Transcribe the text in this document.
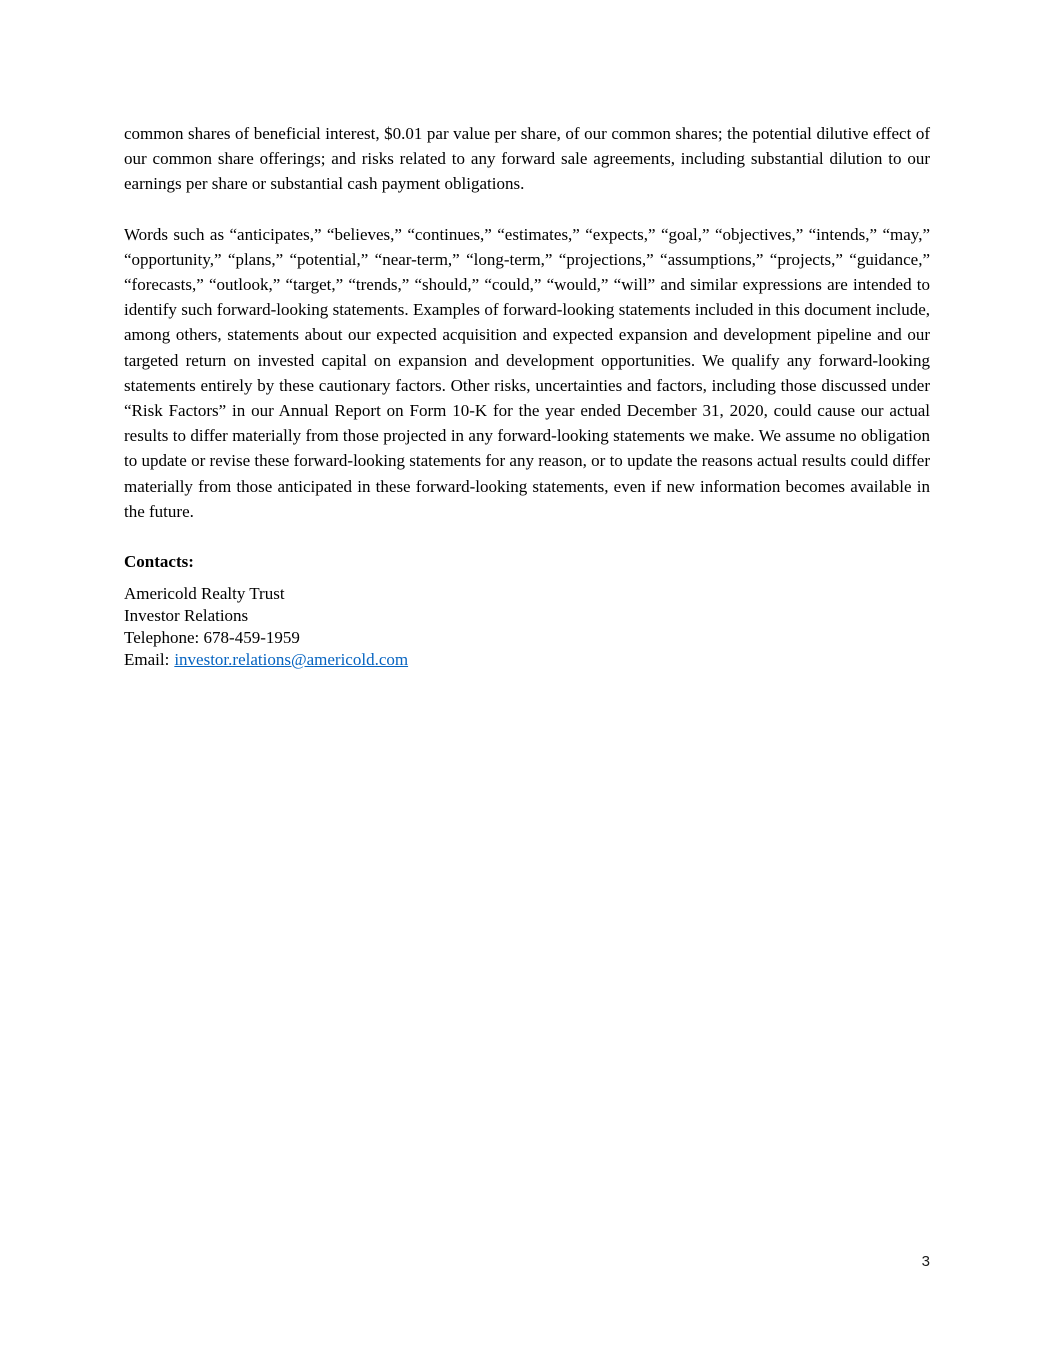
common shares of beneficial interest, $0.01 par value per share, of our common shares; the potential dilutive effect of our common share offerings; and risks related to any forward sale agreements, including substantial dilution to our earnings per share or substantial cash payment obligations.

Words such as “anticipates,” “believes,” “continues,” “estimates,” “expects,” “goal,” “objectives,” “intends,” “may,” “opportunity,” “plans,” “potential,” “near-term,” “long-term,” “projections,” “assumptions,” “projects,” “guidance,” “forecasts,” “outlook,” “target,” “trends,” “should,” “could,” “would,” “will” and similar expressions are intended to identify such forward-looking statements. Examples of forward-looking statements included in this document include, among others, statements about our expected acquisition and expected expansion and development pipeline and our targeted return on invested capital on expansion and development opportunities. We qualify any forward-looking statements entirely by these cautionary factors. Other risks, uncertainties and factors, including those discussed under “Risk Factors” in our Annual Report on Form 10-K for the year ended December 31, 2020, could cause our actual results to differ materially from those projected in any forward-looking statements we make. We assume no obligation to update or revise these forward-looking statements for any reason, or to update the reasons actual results could differ materially from those anticipated in these forward-looking statements, even if new information becomes available in the future.

Contacts:
Americold Realty Trust
Investor Relations
Telephone: 678-459-1959
Email: investor.relations@americold.com
3
